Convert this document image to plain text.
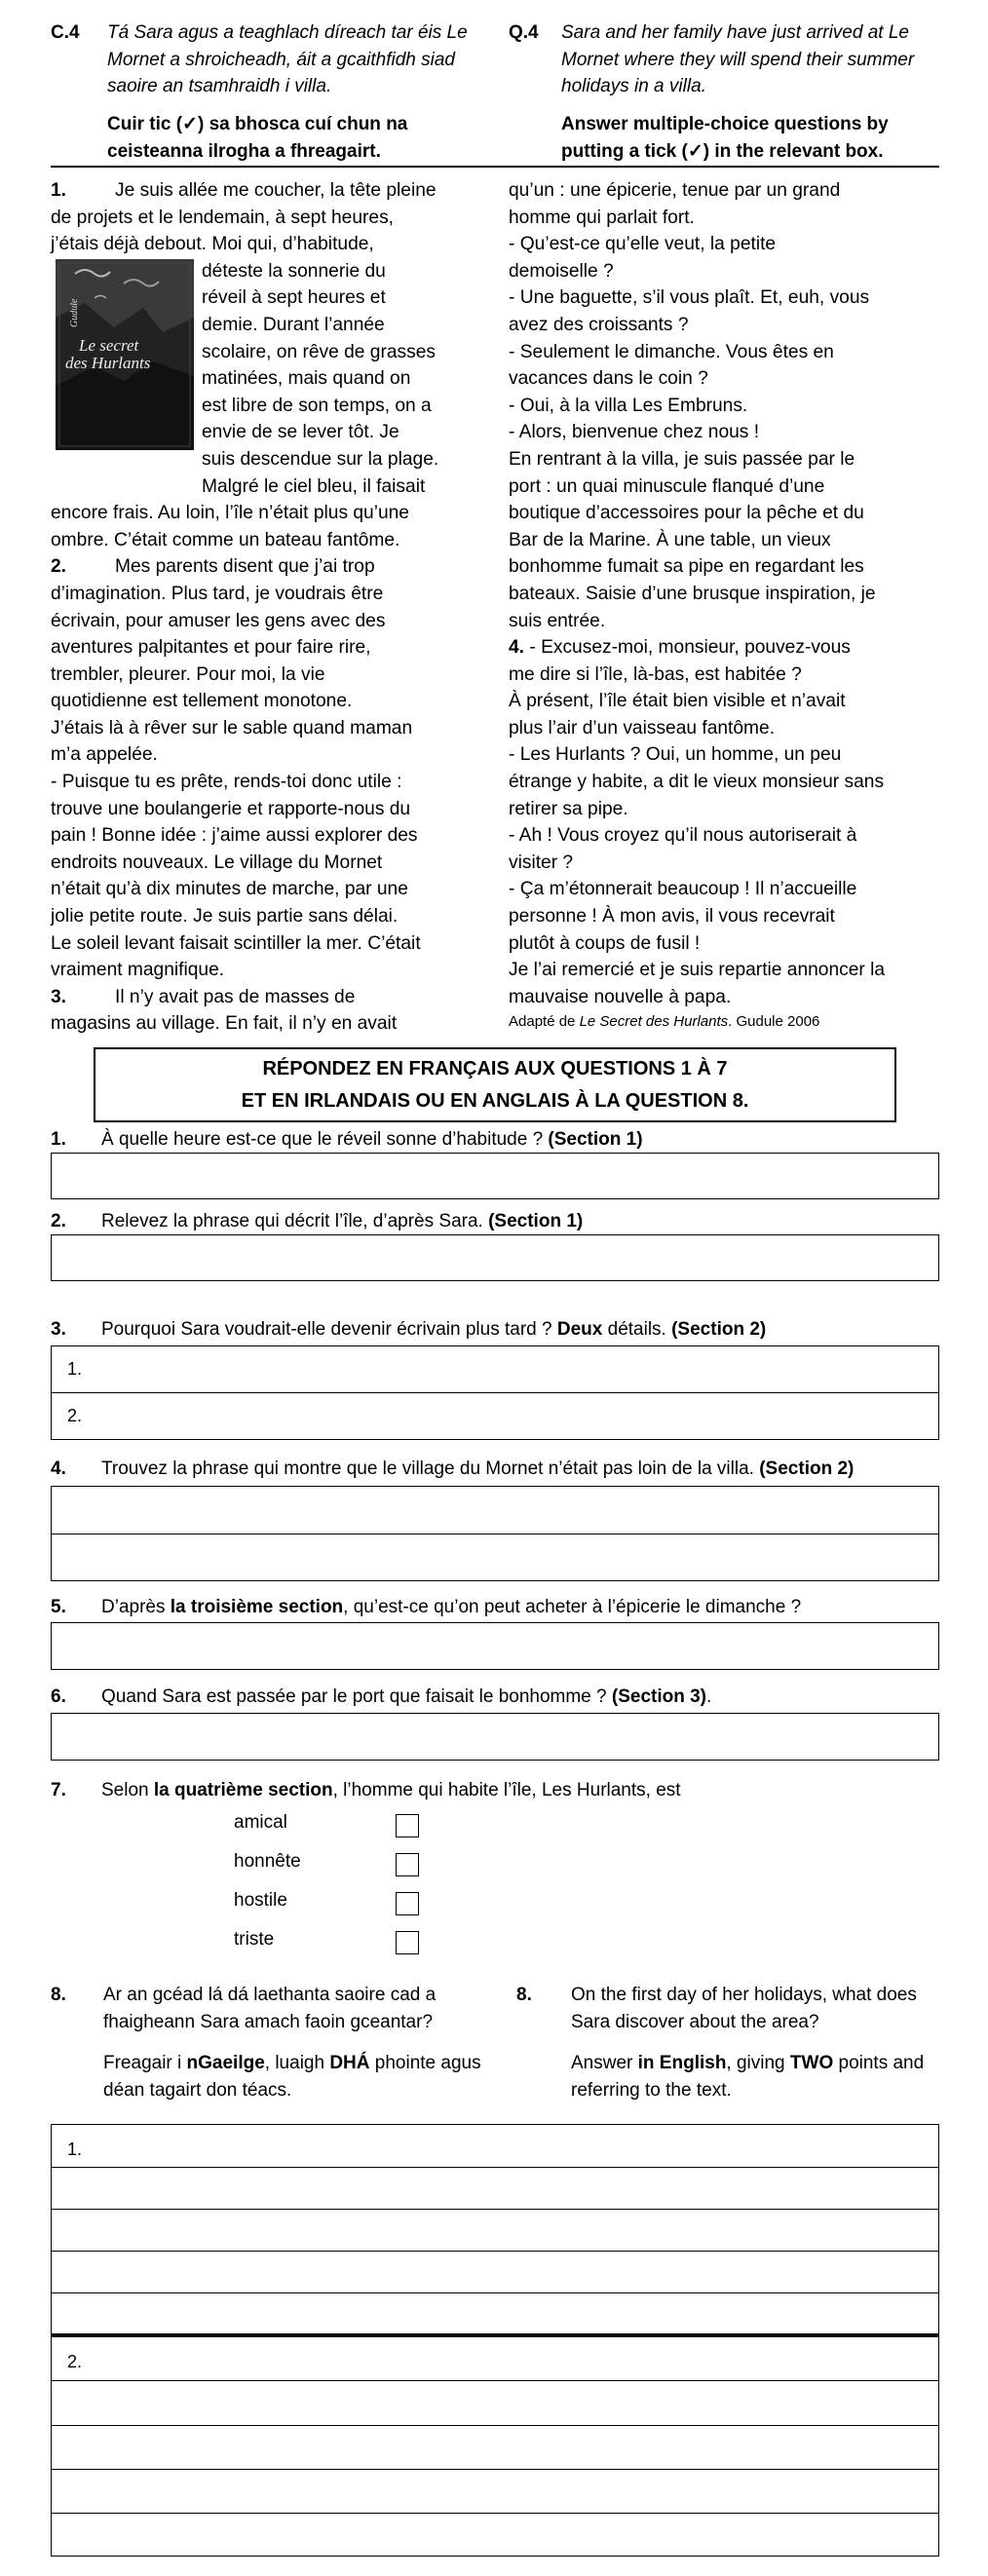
C.4 Tá Sara agus a teaghlach díreach tar éis Le Mornet a shroicheadh, áit a gcaithfidh siad saoire an tsamhraidh i villa.
Cuir tic (✓) sa bhosca cuí chun na ceisteanna ilrogha a fhreagairt.
Q.4 Sara and her family have just arrived at Le Mornet where they will spend their summer holidays in a villa.
Answer multiple-choice questions by putting a tick (✓) in the relevant box.
1.	Je suis allée me coucher, la tête pleine
de projets et le lendemain, à sept heures,
j’étais déjà debout. Moi qui, d’habitude,
déteste la sonnerie du
réveil à sept heures et
demie. Durant l’année
scolaire, on rêve de grasses
matinées, mais quand on
est libre de son temps, on a
envie de se lever tôt. Je
suis descendue sur la plage.
Malgré le ciel bleu, il faisait
encore frais. Au loin, l’île n’était plus qu’une
ombre. C’était comme un bateau fantôme.
2.	Mes parents disent que j’ai trop
d’imagination. Plus tard, je voudrais être
écrivain, pour amuser les gens avec des
aventures palpitantes et pour faire rire,
trembler, pleurer. Pour moi, la vie
quotidienne est tellement monotone.
J’étais là à rêver sur le sable quand maman
m’a appelée.
- Puisque tu es prête, rends-toi donc utile :
trouve une boulangerie et rapporte-nous du
pain ! Bonne idée : j’aime aussi explorer des
endroits nouveaux. Le village du Mornet
n’était qu’à dix minutes de marche, par une
jolie petite route. Je suis partie sans délai.
Le soleil levant faisait scintiller la mer. C’était
vraiment magnifique.
3.	Il n’y avait pas de masses de
magasins au village. En fait, il n’y en avait
Gudule
Le secret
des Hurlants
qu’un : une épicerie, tenue par un grand
homme qui parlait fort.
- Qu’est-ce qu’elle veut, la petite
demoiselle ?
- Une baguette, s’il vous plaît. Et, euh, vous
avez des croissants ?
- Seulement le dimanche. Vous êtes en
vacances dans le coin ?
- Oui, à la villa Les Embruns.
- Alors, bienvenue chez nous !
En rentrant à la villa, je suis passée par le
port : un quai minuscule flanqué d’une
boutique d’accessoires pour la pêche et du
Bar de la Marine. À une table, un vieux
bonhomme fumait sa pipe en regardant les
bateaux. Saisie d’une brusque inspiration, je
suis entrée.
4. - Excusez-moi, monsieur, pouvez-vous
me dire si l’île, là-bas, est habitée ?
À présent, l’île était bien visible et n’avait
plus l’air d’un vaisseau fantôme.
- Les Hurlants ? Oui, un homme, un peu
étrange y habite, a dit le vieux monsieur sans
retirer sa pipe.
- Ah ! Vous croyez qu’il nous autoriserait à
visiter ?
- Ça m’étonnerait beaucoup ! Il n’accueille
personne ! À mon avis, il vous recevrait
plutôt à coups de fusil !
Je l’ai remercié et je suis repartie annoncer la
mauvaise nouvelle à papa.
Adapté de Le Secret des Hurlants. Gudule 2006
RÉPONDEZ EN FRANÇAIS AUX QUESTIONS 1 À 7
ET EN IRLANDAIS OU EN ANGLAIS À LA QUESTION 8.
1. À quelle heure est-ce que le réveil sonne d’habitude ? (Section 1)
2. Relevez la phrase qui décrit l’île, d’après Sara. (Section 1)
3. Pourquoi Sara voudrait-elle devenir écrivain plus tard ? Deux détails. (Section 2)
1.
2.
4. Trouvez la phrase qui montre que le village du Mornet n’était pas loin de la villa. (Section 2)
5. D’après la troisième section, qu’est-ce qu’on peut acheter à l’épicerie le dimanche ?
6. Quand Sara est passée par le port que faisait le bonhomme ? (Section 3).
7. Selon la quatrième section, l’homme qui habite l’île, Les Hurlants, est
amical
honnête
hostile
triste
8. Ar an gcéad lá dá laethanta saoire cad a fhaigheann Sara amach faoin gceantar?
Freagair i nGaeilge, luaigh DHÁ phointe agus déan tagairt don téacs.
8. On the first day of her holidays, what does Sara discover about the area?
Answer in English, giving TWO points and referring to the text.
1.
2.
